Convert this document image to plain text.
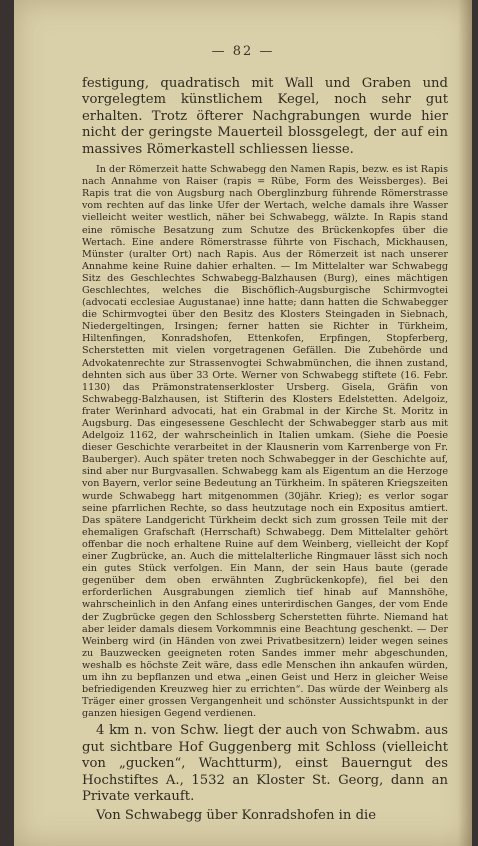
— 82 —

festigung, quadratisch mit Wall und Graben und vorgelegtem künstlichem Kegel, noch sehr gut erhalten. Trotz öfterer Nachgrabungen wurde hier nicht der geringste Mauerteil blossgelegt, der auf ein massives Römerkastell schliessen liesse.

In der Römerzeit hatte Schwabegg den Namen Rapis, bezw. es ist Rapis nach Annahme von Raiser (rapis = Rübe, Form des Weissberges). Bei Rapis trat die von Augsburg nach Oberglinzburg führende Römerstrasse vom rechten auf das linke Ufer der Wertach, welche damals ihre Wasser vielleicht weiter westlich, näher bei Schwabegg, wälzte. In Rapis stand eine römische Besatzung zum Schutze des Brückenkopfes über die Wertach. Eine andere Römerstrasse führte von Fischach, Mickhausen, Münster (uralter Ort) nach Rapis. Aus der Römerzeit ist nach unserer Annahme keine Ruine dahier erhalten. — Im Mittelalter war Schwabegg Sitz des Geschlechtes Schwabegg-Balzhausen (Burg), eines mächtigen Geschlechtes, welches die Bischöflich-Augsburgische Schirmvogtei (advocati ecclesiae Augustanae) inne hatte; dann hatten die Schwabegger die Schirmvogtei über den Besitz des Klosters Steingaden in Siebnach, Niedergeltingen, Irsingen; ferner hatten sie Richter in Türkheim, Hiltenfingen, Konradshofen, Ettenkofen, Erpfingen, Stopferberg, Scherstetten mit vielen vorgetragenen Gefällen. Die Zubehörde und Advokatenrechte zur Strassenvogtei Schwabmünchen, die ihnen zustand, dehnten sich aus über 33 Orte. Werner von Schwabegg stiftete (16. Febr. 1130) das Prämonstratenserkloster Ursberg. Gisela, Gräfin von Schwabegg-Balzhausen, ist Stifterin des Klosters Edelstetten. Adelgoiz, frater Werinhard advocati, hat ein Grabmal in der Kirche St. Moritz in Augsburg. Das eingesessene Geschlecht der Schwabegger starb aus mit Adelgoiz 1162, der wahrscheinlich in Italien umkam. (Siehe die Poesie dieser Geschichte verarbeitet in der Klausnerin vom Karrenberge von Fr. Bauberger). Auch später treten noch Schwabegger in der Geschichte auf, sind aber nur Burgvasallen. Schwabegg kam als Eigentum an die Herzoge von Bayern, verlor seine Bedeutung an Türkheim. In späteren Kriegszeiten wurde Schwabegg hart mitgenommen (30jähr. Krieg); es verlor sogar seine pfarrlichen Rechte, so dass heutzutage noch ein Expositus amtiert. Das spätere Landgericht Türkheim deckt sich zum grossen Teile mit der ehemaligen Grafschaft (Herrschaft) Schwabegg. Dem Mittelalter gehört offenbar die noch erhaltene Ruine auf dem Weinberg, vielleicht der Kopf einer Zugbrücke, an. Auch die mittelalterliche Ringmauer lässt sich noch ein gutes Stück verfolgen. Ein Mann, der sein Haus baute (gerade gegenüber dem oben erwähnten Zugbrückenkopfe), fiel bei den erforderlichen Ausgrabungen ziemlich tief hinab auf Mannshöhe, wahrscheinlich in den Anfang eines unterirdischen Ganges, der vom Ende der Zugbrücke gegen den Schlossberg Scherstetten führte. Niemand hat aber leider damals diesem Vorkommnis eine Beachtung geschenkt. — Der Weinberg wird (in Händen von zwei Privatbesitzern) leider wegen seines zu Bauzwecken geeigneten roten Sandes immer mehr abgeschunden, weshalb es höchste Zeit wäre, dass edle Menschen ihn ankaufen würden, um ihn zu bepflanzen und etwa „einen Geist und Herz in gleicher Weise befriedigenden Kreuzweg hier zu errichten“. Das würde der Weinberg als Träger einer grossen Vergangenheit und schönster Aussichtspunkt in der ganzen hiesigen Gegend verdienen.

4 km n. von Schw. liegt der auch von Schwabm. aus gut sichtbare Hof Guggenberg mit Schloss (vielleicht von „gucken“, Wachtturm), einst Bauerngut des Hochstiftes A., 1532 an Kloster St. Georg, dann an Private verkauft.

Von Schwabegg über Konradshofen in die
